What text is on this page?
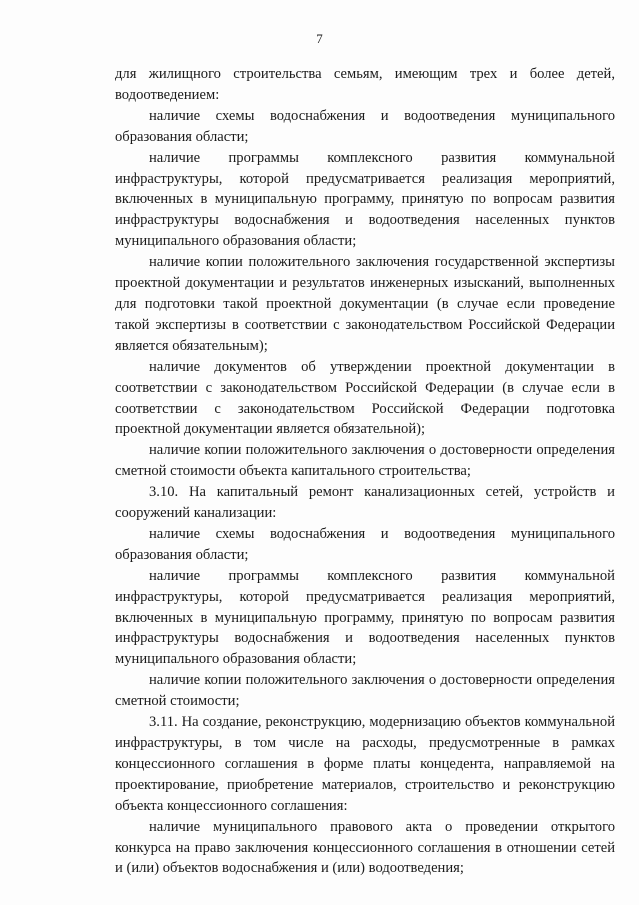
7

для жилищного строительства семьям, имеющим трех и более детей, водоотведением:

наличие схемы водоснабжения и водоотведения муниципального образования области;

наличие программы комплексного развития коммунальной инфраструктуры, которой предусматривается реализация мероприятий, включенных в муниципальную программу, принятую по вопросам развития инфраструктуры водоснабжения и водоотведения населенных пунктов муниципального образования области;

наличие копии положительного заключения государственной экспертизы проектной документации и результатов инженерных изысканий, выполненных для подготовки такой проектной документации (в случае если проведение такой экспертизы в соответствии с законодательством Российской Федерации является обязательным);

наличие документов об утверждении проектной документации в соответствии с законодательством Российской Федерации (в случае если в соответствии с законодательством Российской Федерации подготовка проектной документации является обязательной);

наличие копии положительного заключения о достоверности определения сметной стоимости объекта капитального строительства;

3.10. На капитальный ремонт канализационных сетей, устройств и сооружений канализации:

наличие схемы водоснабжения и водоотведения муниципального образования области;

наличие программы комплексного развития коммунальной инфраструктуры, которой предусматривается реализация мероприятий, включенных в муниципальную программу, принятую по вопросам развития инфраструктуры водоснабжения и водоотведения населенных пунктов муниципального образования области;

наличие копии положительного заключения о достоверности определения сметной стоимости;

3.11. На создание, реконструкцию, модернизацию объектов коммунальной инфраструктуры, в том числе на расходы, предусмотренные в рамках концессионного соглашения в форме платы концедента, направляемой на проектирование, приобретение материалов, строительство и реконструкцию объекта концессионного соглашения:

наличие муниципального правового акта о проведении открытого конкурса на право заключения концессионного соглашения в отношении сетей и (или) объектов водоснабжения и (или) водоотведения;
